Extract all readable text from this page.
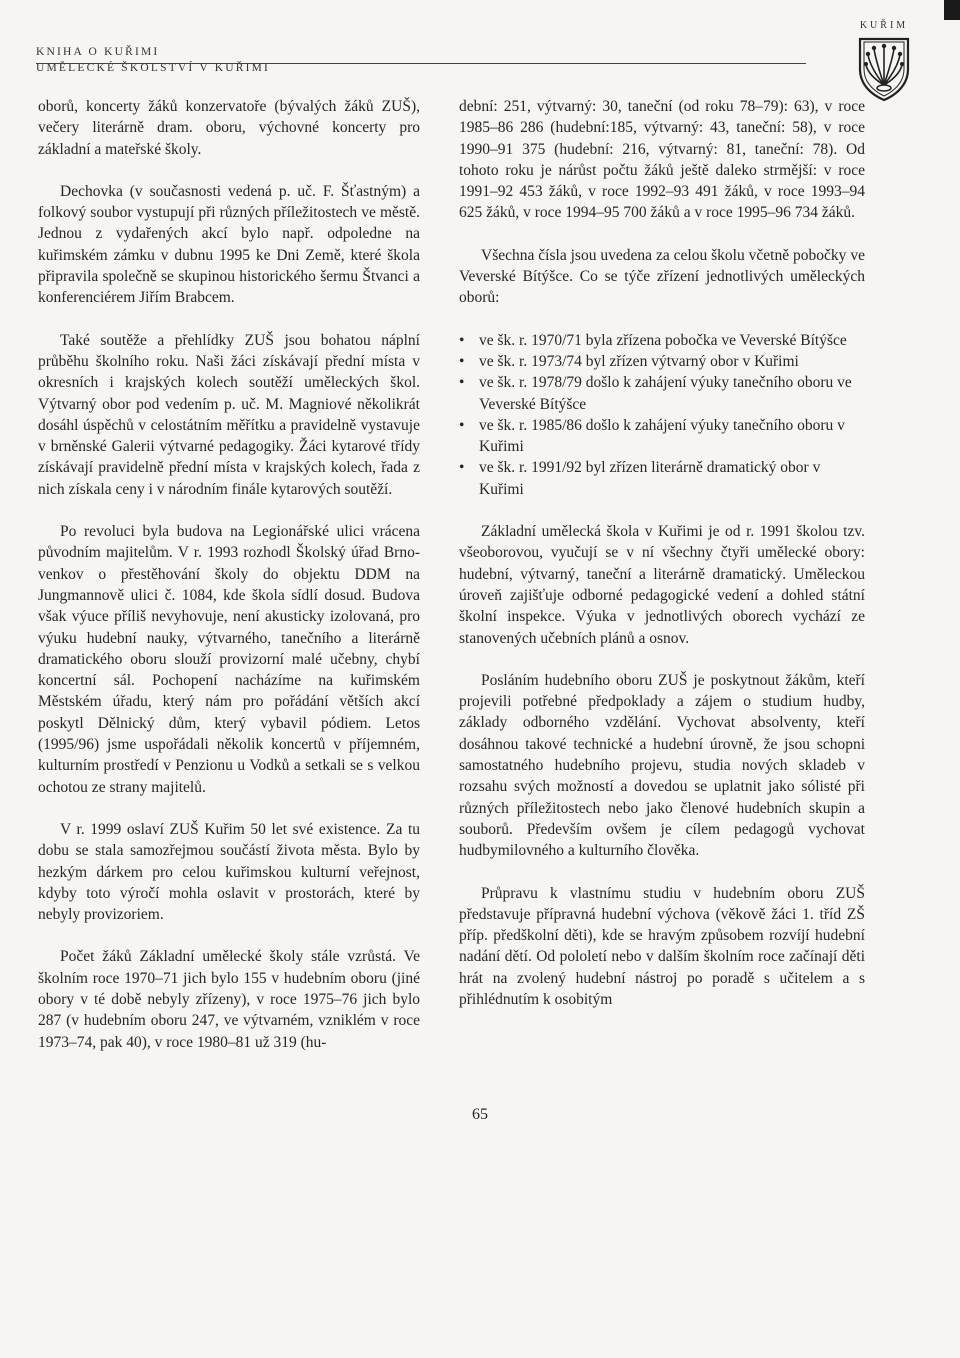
KNIHA O KUŘIMI
UMĚLECKÉ ŠKOLSTVÍ V KUŘIMI
KUŘIM

oborů, koncerty žáků konzervatoře (bývalých žáků ZUŠ), večery literárně dram. oboru, výchovné koncerty pro základní a mateřské školy.

Dechovka (v současnosti vedená p. uč. F. Šťastným) a folkový soubor vystupují při různých příležitostech ve městě. Jednou z vydařených akcí bylo např. odpoledne na kuřimském zámku v dubnu 1995 ke Dni Země, které škola připravila společně se skupinou historického šermu Štvanci a konferenciérem Jiřím Brabcem.

Také soutěže a přehlídky ZUŠ jsou bohatou náplní průběhu školního roku. Naši žáci získávají přední místa v okresních i krajských kolech soutěží uměleckých škol. Výtvarný obor pod vedením p. uč. M. Magniové několikrát dosáhl úspěchů v celostátním měřítku a pravidelně vystavuje v brněnské Galerii výtvarné pedagogiky. Žáci kytarové třídy získávají pravidelně přední místa v krajských kolech, řada z nich získala ceny i v národním finále kytarových soutěží.

Po revoluci byla budova na Legionářské ulici vrácena původním majitelům. V r. 1993 rozhodl Školský úřad Brno-venkov o přestěhování školy do objektu DDM na Jungmannově ulici č. 1084, kde škola sídlí dosud. Budova však výuce příliš nevyhovuje, není akusticky izolovaná, pro výuku hudební nauky, výtvarného, tanečního a literárně dramatického oboru slouží provizorní malé učebny, chybí koncertní sál. Pochopení nacházíme na kuřimském Městském úřadu, který nám pro pořádání větších akcí poskytl Dělnický dům, který vybavil pódiem. Letos (1995/96) jsme uspořádali několik koncertů v příjemném, kulturním prostředí v Penzionu u Vodků a setkali se s velkou ochotou ze strany majitelů.

V r. 1999 oslaví ZUŠ Kuřim 50 let své existence. Za tu dobu se stala samozřejmou součástí života města. Bylo by hezkým dárkem pro celou kuřimskou kulturní veřejnost, kdyby toto výročí mohla oslavit v prostorách, které by nebyly provizoriem.

Počet žáků Základní umělecké školy stále vzrůstá. Ve školním roce 1970–71 jich bylo 155 v hudebním oboru (jiné obory v té době nebyly zřízeny), v roce 1975–76 jich bylo 287 (v hudebním oboru 247, ve výtvarném, vzniklém v roce 1973–74, pak 40), v roce 1980–81 už 319 (hu-

dební: 251, výtvarný: 30, taneční (od roku 78–79): 63), v roce 1985–86 286 (hudební:185, výtvarný: 43, taneční: 58), v roce 1990–91 375 (hudební: 216, výtvarný: 81, taneční: 78). Od tohoto roku je nárůst počtu žáků ještě daleko strmější: v roce 1991–92 453 žáků, v roce 1992–93 491 žáků, v roce 1993–94 625 žáků, v roce 1994–95 700 žáků a v roce 1995–96 734 žáků.

Všechna čísla jsou uvedena za celou školu včetně pobočky ve Veverské Bítýšce. Co se týče zřízení jednotlivých uměleckých oborů:

• ve šk. r. 1970/71 byla zřízena pobočka ve Veverské Bítýšce
• ve šk. r. 1973/74 byl zřízen výtvarný obor v Kuřimi
• ve šk. r. 1978/79 došlo k zahájení výuky tanečního oboru ve Veverské Bítýšce
• ve šk. r. 1985/86 došlo k zahájení výuky tanečního oboru v Kuřimi
• ve šk. r. 1991/92 byl zřízen literárně dramatický obor v Kuřimi

Základní umělecká škola v Kuřimi je od r. 1991 školou tzv. všeoborovou, vyučují se v ní všechny čtyři umělecké obory: hudební, výtvarný, taneční a literárně dramatický. Uměleckou úroveň zajišťuje odborné pedagogické vedení a dohled státní školní inspekce. Výuka v jednotlivých oborech vychází ze stanovených učebních plánů a osnov.

Posláním hudebního oboru ZUŠ je poskytnout žákům, kteří projevili potřebné předpoklady a zájem o studium hudby, základy odborného vzdělání. Vychovat absolventy, kteří dosáhnou takové technické a hudební úrovně, že jsou schopni samostatného hudebního projevu, studia nových skladeb v rozsahu svých možností a dovedou se uplatnit jako sólisté při různých příležitostech nebo jako členové hudebních skupin a souborů. Především ovšem je cílem pedagogů vychovat hudbymilovného a kulturního člověka.

Průpravu k vlastnímu studiu v hudebním oboru ZUŠ představuje přípravná hudební výchova (věkově žáci 1. tříd ZŠ příp. předškolní děti), kde se hravým způsobem rozvíjí hudební nadání dětí. Od pololetí nebo v dalším školním roce začínají děti hrát na zvolený hudební nástroj po poradě s učitelem a s přihlédnutím k osobitým

65
